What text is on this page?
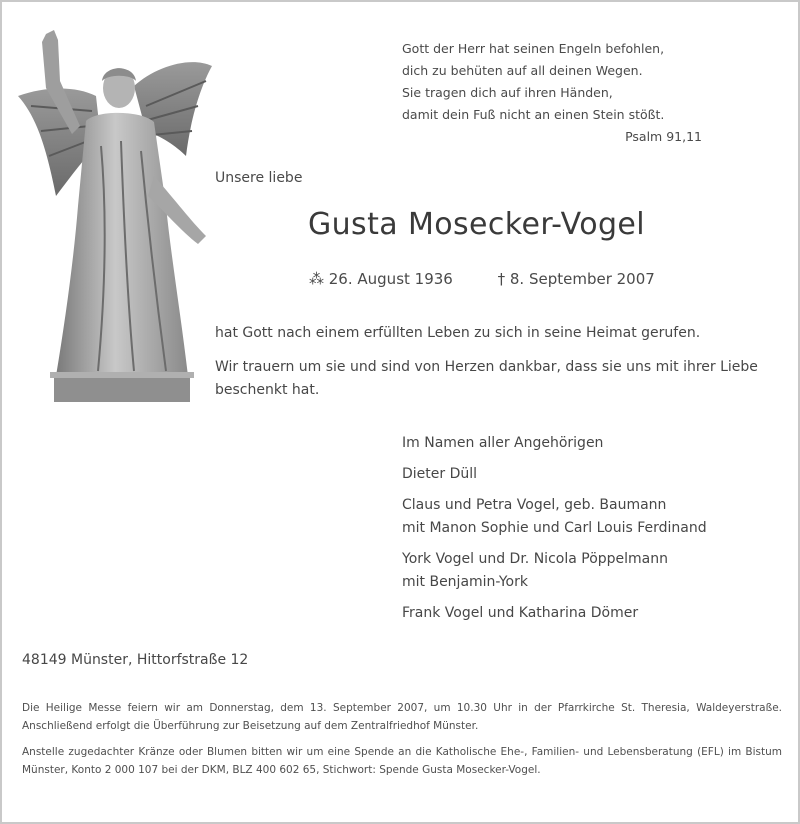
Gott der Herr hat seinen Engeln befohlen,
dich zu behüten auf all deinen Wegen.
Sie tragen dich auf ihren Händen,
damit dein Fuß nicht an einen Stein stößt.
Psalm 91,11
Unsere liebe
Gusta Mosecker-Vogel
⁂ 26. August 1936	† 8. September 2007
hat Gott nach einem erfüllten Leben zu sich in seine Heimat gerufen.
Wir trauern um sie und sind von Herzen dankbar, dass sie uns mit ihrer Liebe beschenkt hat.
Im Namen aller Angehörigen
Dieter Düll
Claus und Petra Vogel, geb. Baumann
mit Manon Sophie und Carl Louis Ferdinand
York Vogel und Dr. Nicola Pöppelmann
mit Benjamin-York
Frank Vogel und Katharina Dömer
48149 Münster, Hittorfstraße 12
Die Heilige Messe feiern wir am Donnerstag, dem 13. September 2007, um 10.30 Uhr in der Pfarrkirche St. Theresia, Waldeyerstraße. Anschließend erfolgt die Überführung zur Beisetzung auf dem Zentralfriedhof Münster.
Anstelle zugedachter Kränze oder Blumen bitten wir um eine Spende an die Katholische Ehe-, Familien- und Lebensberatung (EFL) im Bistum Münster, Konto 2 000 107 bei der DKM, BLZ 400 602 65, Stichwort: Spende Gusta Mosecker-Vogel.
